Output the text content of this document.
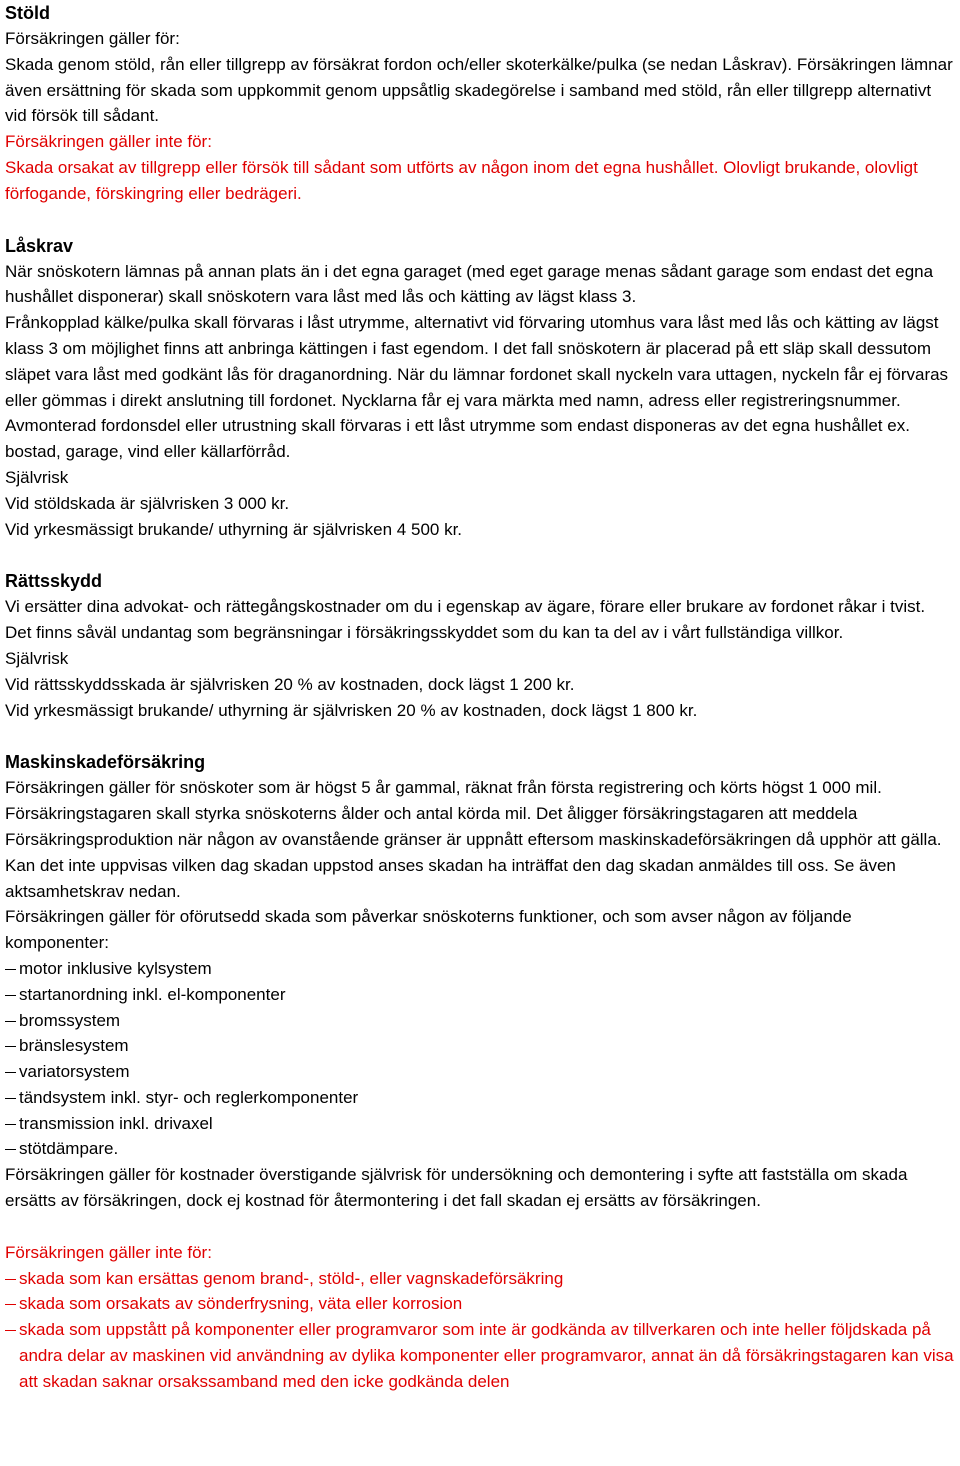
Stöld

Försäkringen gäller för:

Skada genom stöld, rån eller tillgrepp av försäkrat fordon och/eller skoterkälke/pulka (se nedan Låskrav). Försäkringen lämnar även ersättning för skada som uppkommit genom uppsåtlig skadegörelse i samband med stöld, rån eller tillgrepp alternativt vid försök till sådant.

Försäkringen gäller inte för:

Skada orsakat av tillgrepp eller försök till sådant som utförts av någon inom det egna hushållet. Olovligt brukande, olovligt förfogande, förskingring eller bedrägeri.

Låskrav

När snöskotern lämnas på annan plats än i det egna garaget (med eget garage menas sådant garage som endast det egna hushållet disponerar) skall snöskotern vara låst med lås och kätting av lägst klass 3.

Frånkopplad kälke/pulka skall förvaras i låst utrymme, alternativt vid förvaring utomhus vara låst med lås och kätting av lägst klass 3 om möjlighet finns att anbringa kättingen i fast egendom. I det fall snöskotern är placerad på ett släp skall dessutom släpet vara låst med godkänt lås för draganordning. När du lämnar fordonet skall nyckeln vara uttagen, nyckeln får ej förvaras eller gömmas i direkt anslutning till fordonet. Nycklarna får ej vara märkta med namn, adress eller registreringsnummer.

Avmonterad fordonsdel eller utrustning skall förvaras i ett låst utrymme som endast disponeras av det egna hushållet ex. bostad, garage, vind eller källarförråd.

Självrisk

Vid stöldskada är självrisken 3 000 kr.

Vid yrkesmässigt brukande/ uthyrning är självrisken 4 500 kr.

Rättsskydd

Vi ersätter dina advokat- och rättegångskostnader om du i egenskap av ägare, förare eller brukare av fordonet råkar i tvist. Det finns såväl undantag som begränsningar i försäkringsskyddet som du kan ta del av i vårt fullständiga villkor.

Självrisk

Vid rättsskyddsskada är självrisken 20 % av kostnaden, dock lägst 1 200 kr.

Vid yrkesmässigt brukande/ uthyrning är självrisken 20 % av kostnaden, dock lägst 1 800 kr.

Maskinskadeförsäkring

Försäkringen gäller för snöskoter som är högst 5 år gammal, räknat från första registrering och körts högst 1 000 mil. Försäkringstagaren skall styrka snöskoterns ålder och antal körda mil. Det åligger försäkringstagaren att meddela Försäkringsproduktion när någon av ovanstående gränser är uppnått eftersom maskinskadeförsäkringen då upphör att gälla. Kan det inte uppvisas vilken dag skadan uppstod anses skadan ha inträffat den dag skadan anmäldes till oss. Se även aktsamhetskrav nedan.

Försäkringen gäller för oförutsedd skada som påverkar snöskoterns funktioner, och som avser någon av följande komponenter:

motor inklusive kylsystem
startanordning inkl. el-komponenter
bromssystem
bränslesystem
variatorsystem
tändsystem inkl. styr- och reglerkomponenter
transmission inkl. drivaxel
stötdämpare.

Försäkringen gäller för kostnader överstigande självrisk för undersökning och demontering i syfte att fastställa om skada ersätts av försäkringen, dock ej kostnad för återmontering i det fall skadan ej ersätts av försäkringen.

Försäkringen gäller inte för:

skada som kan ersättas genom brand-, stöld-, eller vagnskadeförsäkring
skada som orsakats av sönderfrysning, väta eller korrosion
skada som uppstått på komponenter eller programvaror som inte är godkända av tillverkaren och inte heller följdskada på andra delar av maskinen vid användning av dylika komponenter eller programvaror, annat än då försäkringstagaren kan visa att skadan saknar orsakssamband med den icke godkända delen
